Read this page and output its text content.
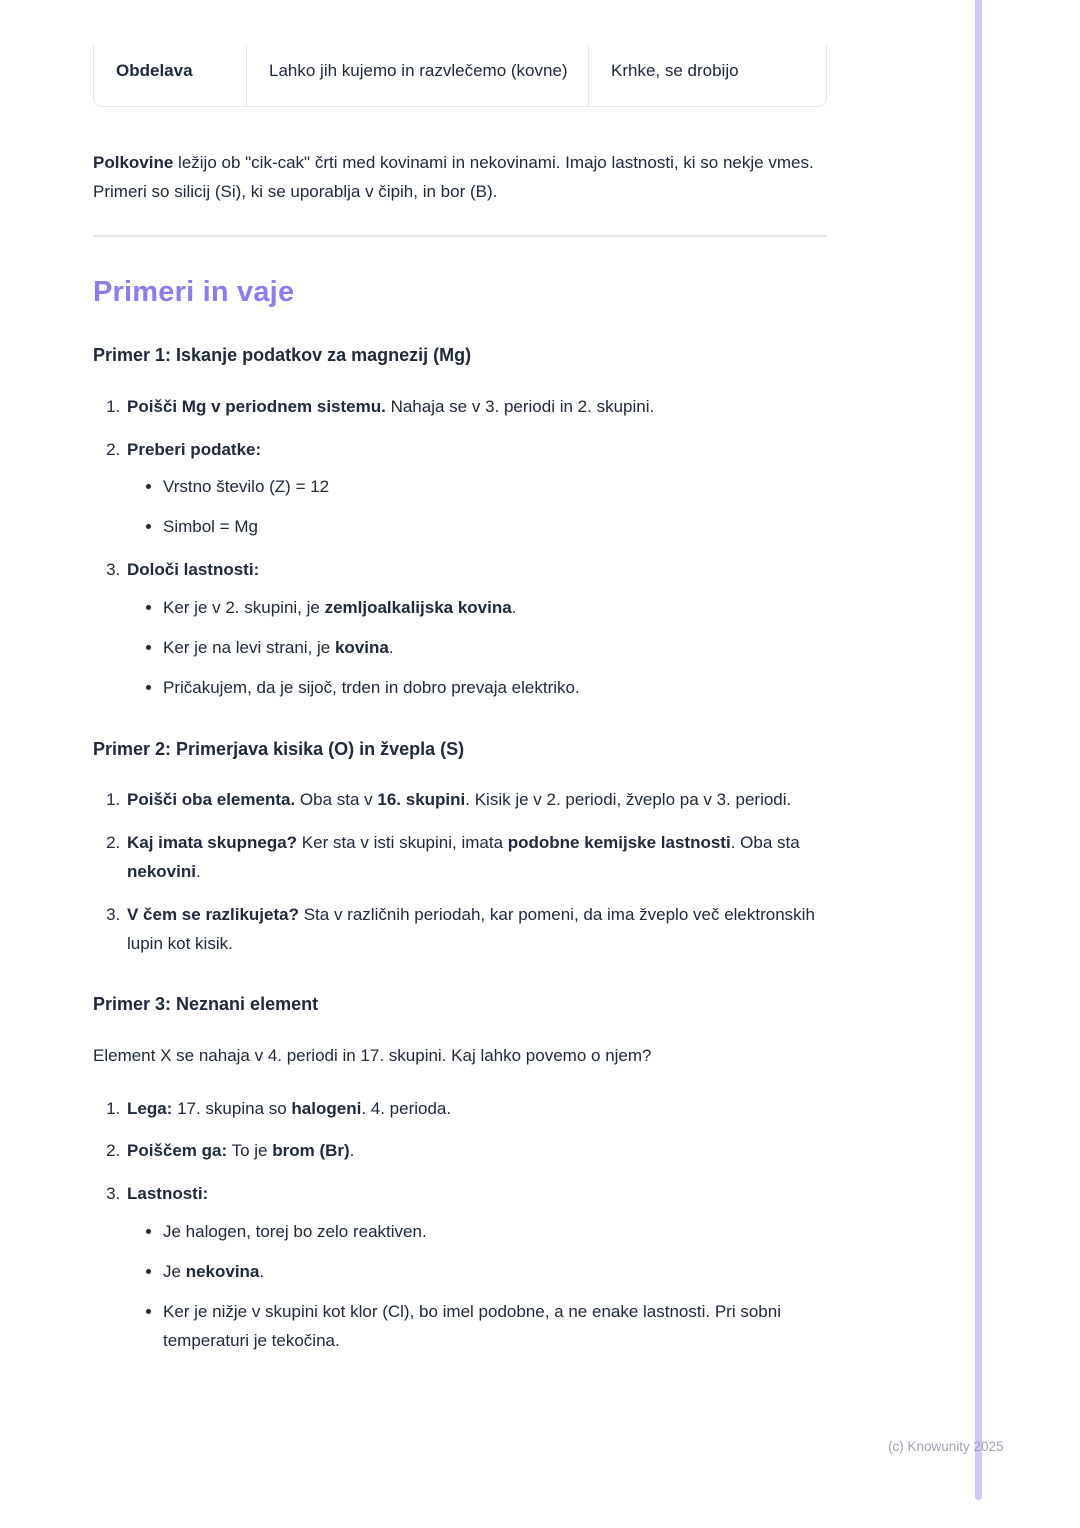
Obdelava	Lahko jih kujemo in razvlečemo (kovne)	Krhke, se drobijo

Polkovine ležijo ob "cik-cak" črti med kovinami in nekovinami. Imajo lastnosti, ki so nekje vmes. Primeri so silicij (Si), ki se uporablja v čipih, in bor (B).

Primeri in vaje
Primer 1: Iskanje podatkov za magnezij (Mg)
1. Poišči Mg v periodnem sistemu. Nahaja se v 3. periodi in 2. skupini.
2. Preberi podatke:
• Vrstno število (Z) = 12
• Simbol = Mg
3. Določi lastnosti:
• Ker je v 2. skupini, je zemljoalkalijska kovina.
• Ker je na levi strani, je kovina.
• Pričakujem, da je sijoč, trden in dobro prevaja elektriko.
Primer 2: Primerjava kisika (O) in žvepla (S)
1. Poišči oba elementa. Oba sta v 16. skupini. Kisik je v 2. periodi, žveplo pa v 3. periodi.
2. Kaj imata skupnega? Ker sta v isti skupini, imata podobne kemijske lastnosti. Oba sta nekovini.
3. V čem se razlikujeta? Sta v različnih periodah, kar pomeni, da ima žveplo več elektronskih lupin kot kisik.
Primer 3: Neznani element

Element X se nahaja v 4. periodi in 17. skupini. Kaj lahko povemo o njem?

1. Lega: 17. skupina so halogeni. 4. perioda.
2. Poiščem ga: To je brom (Br).
3. Lastnosti:
• Je halogen, torej bo zelo reaktiven.
• Je nekovina.
• Ker je nižje v skupini kot klor (Cl), bo imel podobne, a ne enake lastnosti. Pri sobni temperaturi je tekočina.
(c) Knowunity 2025
